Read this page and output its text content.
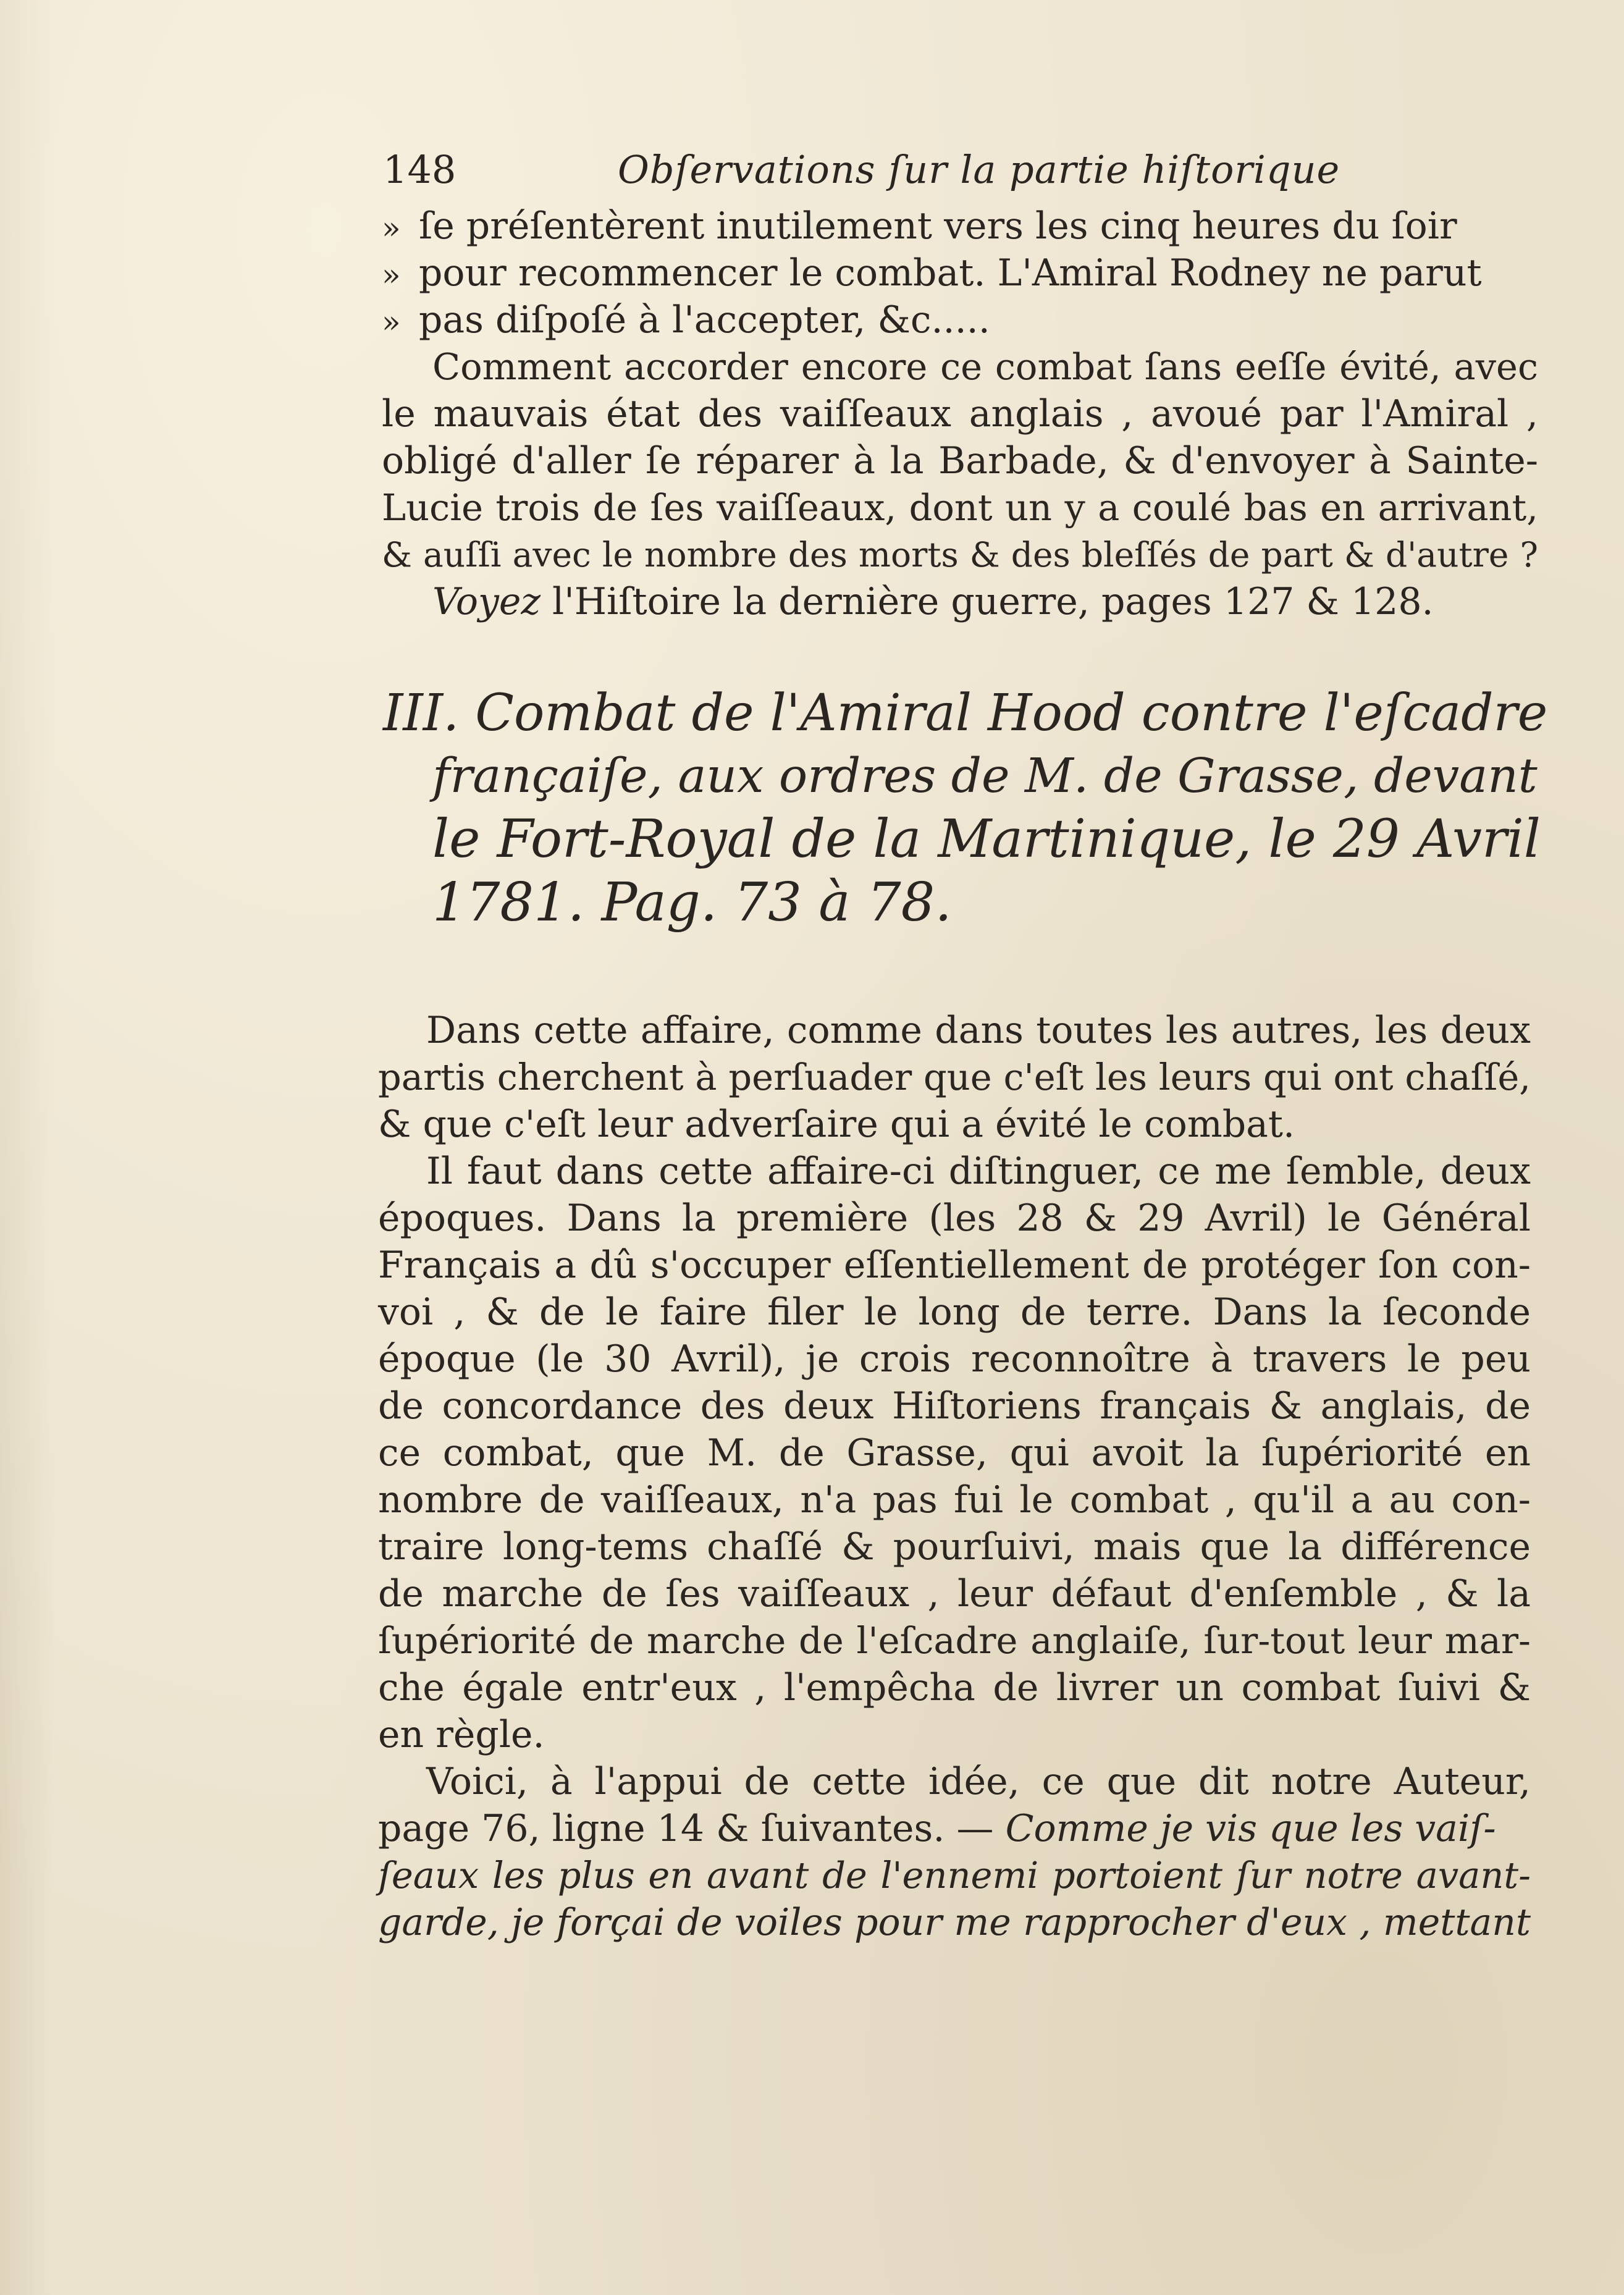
148	Obſervations ſur la partie hiſtorique
» ſe préſentèrent inutilement vers les cinq heures du ſoir
» pour recommencer le combat. L'Amiral Rodney ne parut
» pas diſpoſé à l'accepter, &c.....
Comment accorder encore ce combat ſans eeſſe évité, avec
le mauvais état des vaiſſeaux anglais , avoué par l'Amiral ,
obligé d'aller ſe réparer à la Barbade, & d'envoyer à Sainte-
Lucie trois de ſes vaiſſeaux, dont un y a coulé bas en arrivant,
& auſſi avec le nombre des morts & des bleſſés de part & d'autre ?
Voyez l'Hiſtoire la dernière guerre, pages 127 & 128.
III. Combat de l'Amiral Hood contre l'eſcadre
françaiſe, aux ordres de M. de Grasse, devant
le Fort-Royal de la Martinique, le 29 Avril
1781. Pag. 73 à 78.
Dans cette affaire, comme dans toutes les autres, les deux
partis cherchent à perſuader que c'eſt les leurs qui ont chaſſé,
& que c'eſt leur adverſaire qui a évité le combat.
Il faut dans cette affaire-ci diſtinguer, ce me ſemble, deux
époques. Dans la première (les 28 & 29 Avril) le Général
Français a dû s'occuper eſſentiellement de protéger ſon con-
voi , & de le faire filer le long de terre. Dans la ſeconde
époque (le 30 Avril), je crois reconnoître à travers le peu
de concordance des deux Hiſtoriens français & anglais, de
ce combat, que M. de Grasse, qui avoit la ſupériorité en
nombre de vaiſſeaux, n'a pas fui le combat , qu'il a au con-
traire long-tems chaſſé & pourſuivi, mais que la différence
de marche de ſes vaiſſeaux , leur défaut d'enſemble , & la
ſupériorité de marche de l'eſcadre anglaiſe, ſur-tout leur mar-
che égale entr'eux , l'empêcha de livrer un combat ſuivi &
en règle.
Voici, à l'appui de cette idée, ce que dit notre Auteur,
page 76, ligne 14 & ſuivantes. — Comme je vis que les vaiſ-
ſeaux les plus en avant de l'ennemi portoient ſur notre avant-
garde, je forçai de voiles pour me rapprocher d'eux , mettant
